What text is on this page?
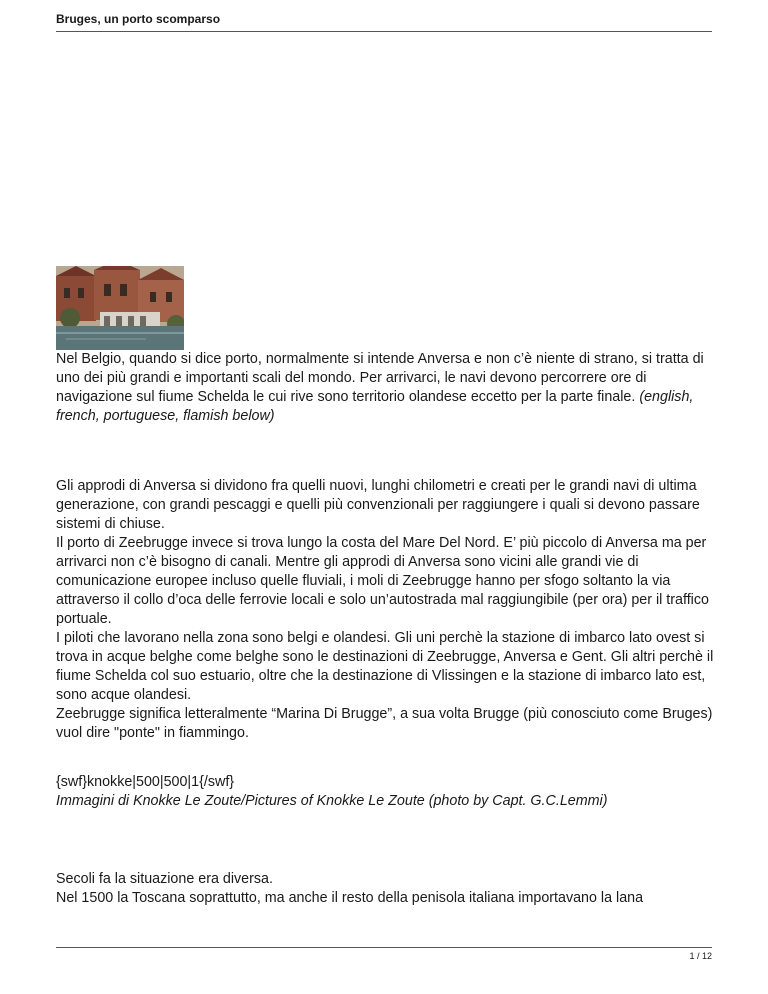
Bruges, un porto scomparso

Nel Belgio, quando si dice porto, normalmente si intende Anversa e non c’è niente di strano, si tratta di uno dei più grandi e importanti scali del mondo. Per arrivarci, le navi devono percorrere ore di navigazione sul fiume Schelda le cui rive sono territorio olandese eccetto per la parte finale. (english, french, portuguese, flamish below)

Gli approdi di Anversa si dividono fra quelli nuovi, lunghi chilometri e creati per le grandi navi di ultima generazione, con grandi pescaggi e quelli più convenzionali per raggiungere i quali si devono passare sistemi di chiuse.

Il porto di Zeebrugge invece si trova lungo la costa del Mare Del Nord. E’ più piccolo di Anversa ma per arrivarci non c’è bisogno di canali. Mentre gli approdi di Anversa sono vicini alle grandi vie di comunicazione europee incluso quelle fluviali, i moli di Zeebrugge hanno per sfogo soltanto la via attraverso il collo d’oca delle ferrovie locali e solo un’autostrada mal raggiungibile (per ora) per il traffico portuale.

I piloti che lavorano nella zona sono belgi e olandesi. Gli uni perchè la stazione di imbarco lato ovest si trova in acque belghe come belghe sono le destinazioni di Zeebrugge, Anversa e Gent. Gli altri perchè il fiume Schelda col suo estuario, oltre che la destinazione di Vlissingen e la stazione di imbarco lato est, sono acque olandesi.

Zeebrugge significa letteralmente “Marina Di Brugge”, a sua volta Brugge (più conosciuto come Bruges) vuol dire "ponte" in fiammingo.

{swf}knokke|500|500|1{/swf}

Immagini di Knokke Le Zoute/Pictures of Knokke Le Zoute (photo by Capt. G.C.Lemmi)

Secoli fa la situazione era diversa.

Nel 1500 la Toscana soprattutto, ma anche il resto della penisola italiana importavano la lana

1 / 12
